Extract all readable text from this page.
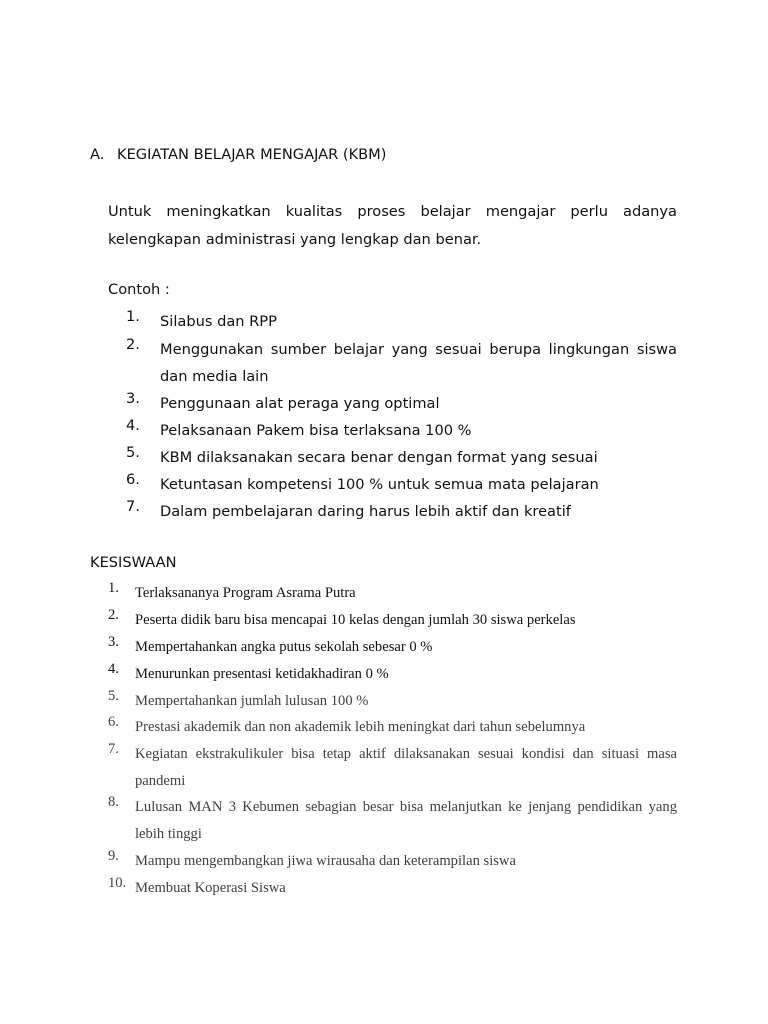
A. KEGIATAN BELAJAR MENGAJAR (KBM)
Untuk meningkatkan kualitas proses belajar mengajar perlu adanya
kelengkapan administrasi yang lengkap dan benar.
Contoh :
1. Silabus dan RPP
2. Menggunakan sumber belajar yang sesuai berupa lingkungan siswa
dan media lain
3. Penggunaan alat peraga yang optimal
4. Pelaksanaan Pakem bisa terlaksana 100 %
5. KBM dilaksanakan secara benar dengan format yang sesuai
6. Ketuntasan kompetensi 100 % untuk semua mata pelajaran
7. Dalam pembelajaran daring harus lebih aktif dan kreatif
KESISWAAN
1. Terlaksananya Program Asrama Putra
2. Peserta didik baru bisa mencapai 10 kelas dengan jumlah 30 siswa perkelas
3. Mempertahankan angka putus sekolah sebesar 0 %
4. Menurunkan presentasi ketidakhadiran 0 %
5. Mempertahankan jumlah lulusan 100 %
6. Prestasi akademik dan non akademik lebih meningkat dari tahun sebelumnya
7. Kegiatan ekstrakulikuler bisa tetap aktif dilaksanakan sesuai kondisi dan situasi masa
pandemi
8. Lulusan MAN 3 Kebumen sebagian besar bisa melanjutkan ke jenjang pendidikan yang
lebih tinggi
9. Mampu mengembangkan jiwa wirausaha dan keterampilan siswa
10. Membuat Koperasi Siswa
